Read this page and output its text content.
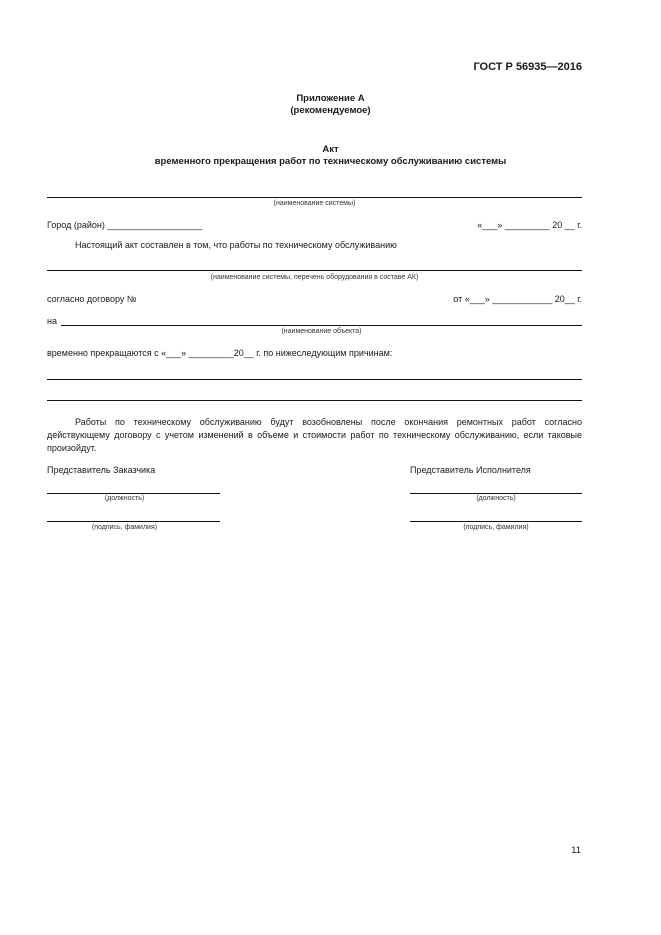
ГОСТ Р 56935—2016
Приложение А
(рекомендуемое)
Акт
временного прекращения работ по техническому обслуживанию системы
(наименование системы)
Город (район) ___________________	«___» _________ 20 __ г.
Настоящий акт составлен в том, что работы по техническому обслуживанию
(наименование системы, перечень оборудования в составе АК)
согласно договору №	от «___» ____________ 20__ г.
на
(наименование объекта)
временно прекращаются с «___» _________20__ г. по нижеследующим причинам:
Работы по техническому обслуживанию будут возобновлены после окончания ремонтных работ согласно действующему договору с учетом изменений в объеме и стоимости работ по техническому обслуживанию, если таковые произойдут.
Представитель Заказчика	Представитель Исполнителя
(должность)	(должность)
(подпись, фамилия)	(подпись, фамилия)
11
